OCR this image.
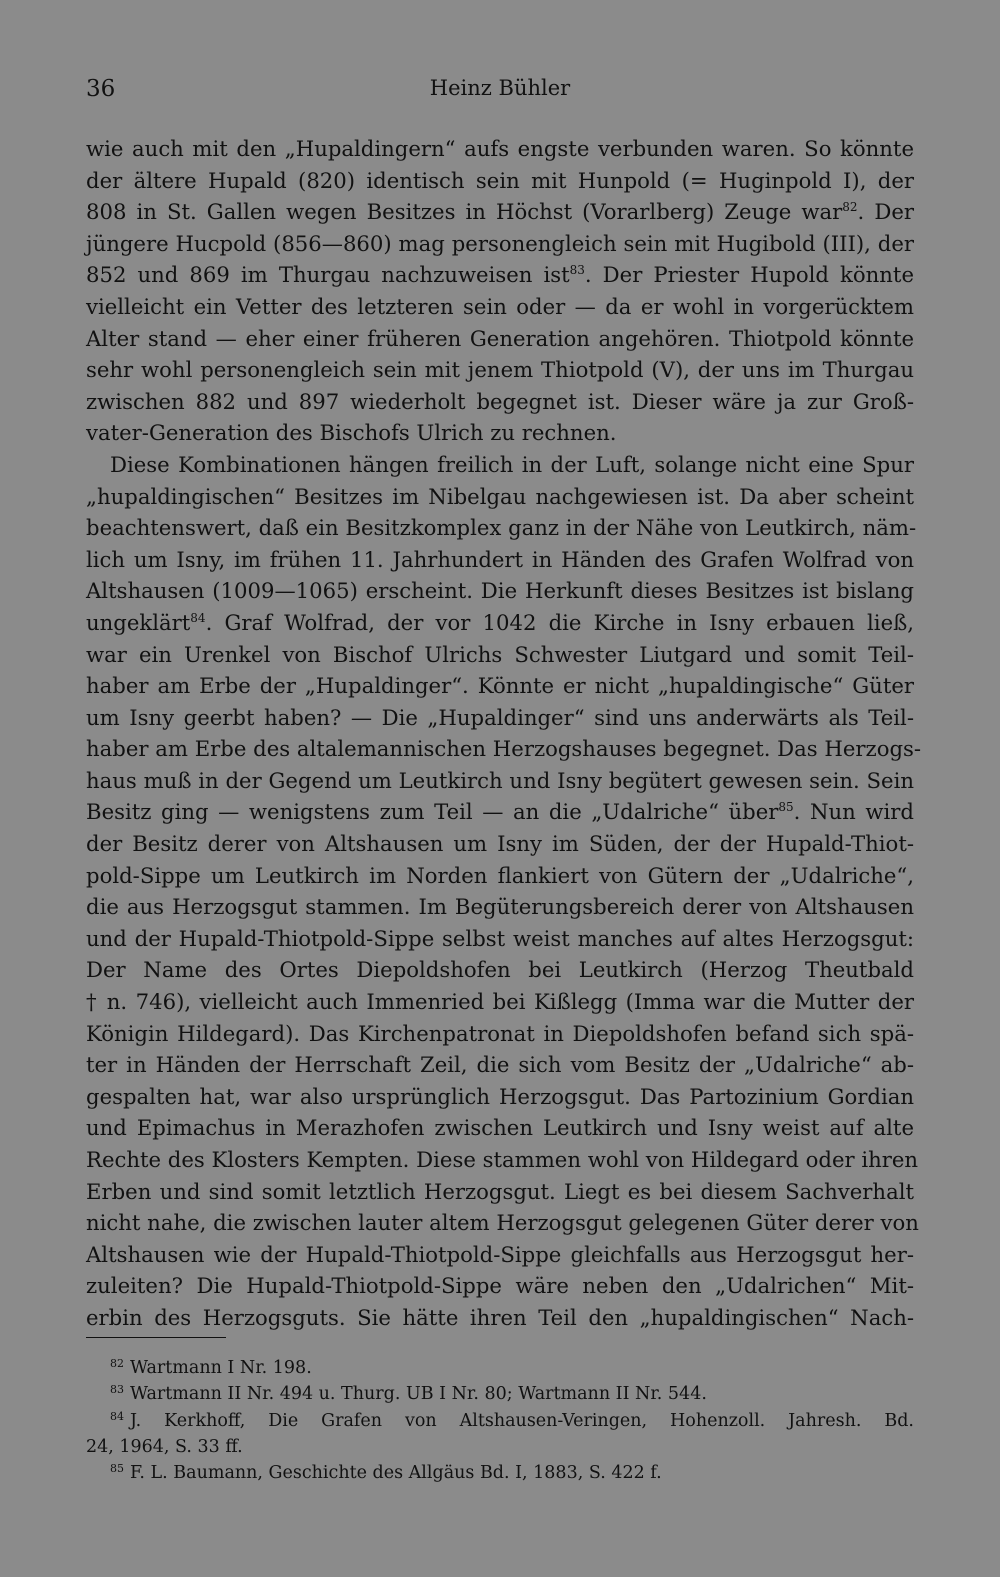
36	Heinz Bühler
wie auch mit den „Hupaldingern“ aufs engste verbunden waren. So könnte
der ältere Hupald (820) identisch sein mit Hunpold (= Huginpold I), der
808 in St. Gallen wegen Besitzes in Höchst (Vorarlberg) Zeuge war$^{82}$. Der
jüngere Hucpold (856—860) mag personengleich sein mit Hugibold (III), der
852 und 869 im Thurgau nachzuweisen ist$^{83}$. Der Priester Hupold könnte
vielleicht ein Vetter des letzteren sein oder — da er wohl in vorgerücktem
Alter stand — eher einer früheren Generation angehören. Thiotpold könnte
sehr wohl personengleich sein mit jenem Thiotpold (V), der uns im Thurgau
zwischen 882 und 897 wiederholt begegnet ist. Dieser wäre ja zur Groß-
vater-Generation des Bischofs Ulrich zu rechnen.
Diese Kombinationen hängen freilich in der Luft, solange nicht eine Spur
„hupaldingischen“ Besitzes im Nibelgau nachgewiesen ist. Da aber scheint
beachtenswert, daß ein Besitzkomplex ganz in der Nähe von Leutkirch, näm-
lich um Isny, im frühen 11. Jahrhundert in Händen des Grafen Wolfrad von
Altshausen (1009—1065) erscheint. Die Herkunft dieses Besitzes ist bislang
ungeklärt$^{84}$. Graf Wolfrad, der vor 1042 die Kirche in Isny erbauen ließ,
war ein Urenkel von Bischof Ulrichs Schwester Liutgard und somit Teil-
haber am Erbe der „Hupaldinger“. Könnte er nicht „hupaldingische“ Güter
um Isny geerbt haben? — Die „Hupaldinger“ sind uns anderwärts als Teil-
haber am Erbe des altalemannischen Herzogshauses begegnet. Das Herzogs-
haus muß in der Gegend um Leutkirch und Isny begütert gewesen sein. Sein
Besitz ging — wenigstens zum Teil — an die „Udalriche“ über$^{85}$. Nun wird
der Besitz derer von Altshausen um Isny im Süden, der der Hupald-Thiot-
pold-Sippe um Leutkirch im Norden flankiert von Gütern der „Udalriche“,
die aus Herzogsgut stammen. Im Begüterungsbereich derer von Altshausen
und der Hupald-Thiotpold-Sippe selbst weist manches auf altes Herzogsgut:
Der Name des Ortes Diepoldshofen bei Leutkirch (Herzog Theutbald
† n. 746), vielleicht auch Immenried bei Kißlegg (Imma war die Mutter der
Königin Hildegard). Das Kirchenpatronat in Diepoldshofen befand sich spä-
ter in Händen der Herrschaft Zeil, die sich vom Besitz der „Udalriche“ ab-
gespalten hat, war also ursprünglich Herzogsgut. Das Partozinium Gordian
und Epimachus in Merazhofen zwischen Leutkirch und Isny weist auf alte
Rechte des Klosters Kempten. Diese stammen wohl von Hildegard oder ihren
Erben und sind somit letztlich Herzogsgut. Liegt es bei diesem Sachverhalt
nicht nahe, die zwischen lauter altem Herzogsgut gelegenen Güter derer von
Altshausen wie der Hupald-Thiotpold-Sippe gleichfalls aus Herzogsgut her-
zuleiten? Die Hupald-Thiotpold-Sippe wäre neben den „Udalrichen“ Mit-
erbin des Herzogsguts. Sie hätte ihren Teil den „hupaldingischen“ Nach-
$^{82}$ Wartmann I Nr. 198.
$^{83}$ Wartmann II Nr. 494 u. Thurg. UB I Nr. 80; Wartmann II Nr. 544.
$^{84}$ J. Kerkhoff, Die Grafen von Altshausen-Veringen, Hohenzoll. Jahresh. Bd.
24, 1964, S. 33 ff.
$^{85}$ F. L. Baumann, Geschichte des Allgäus Bd. I, 1883, S. 422 f.
